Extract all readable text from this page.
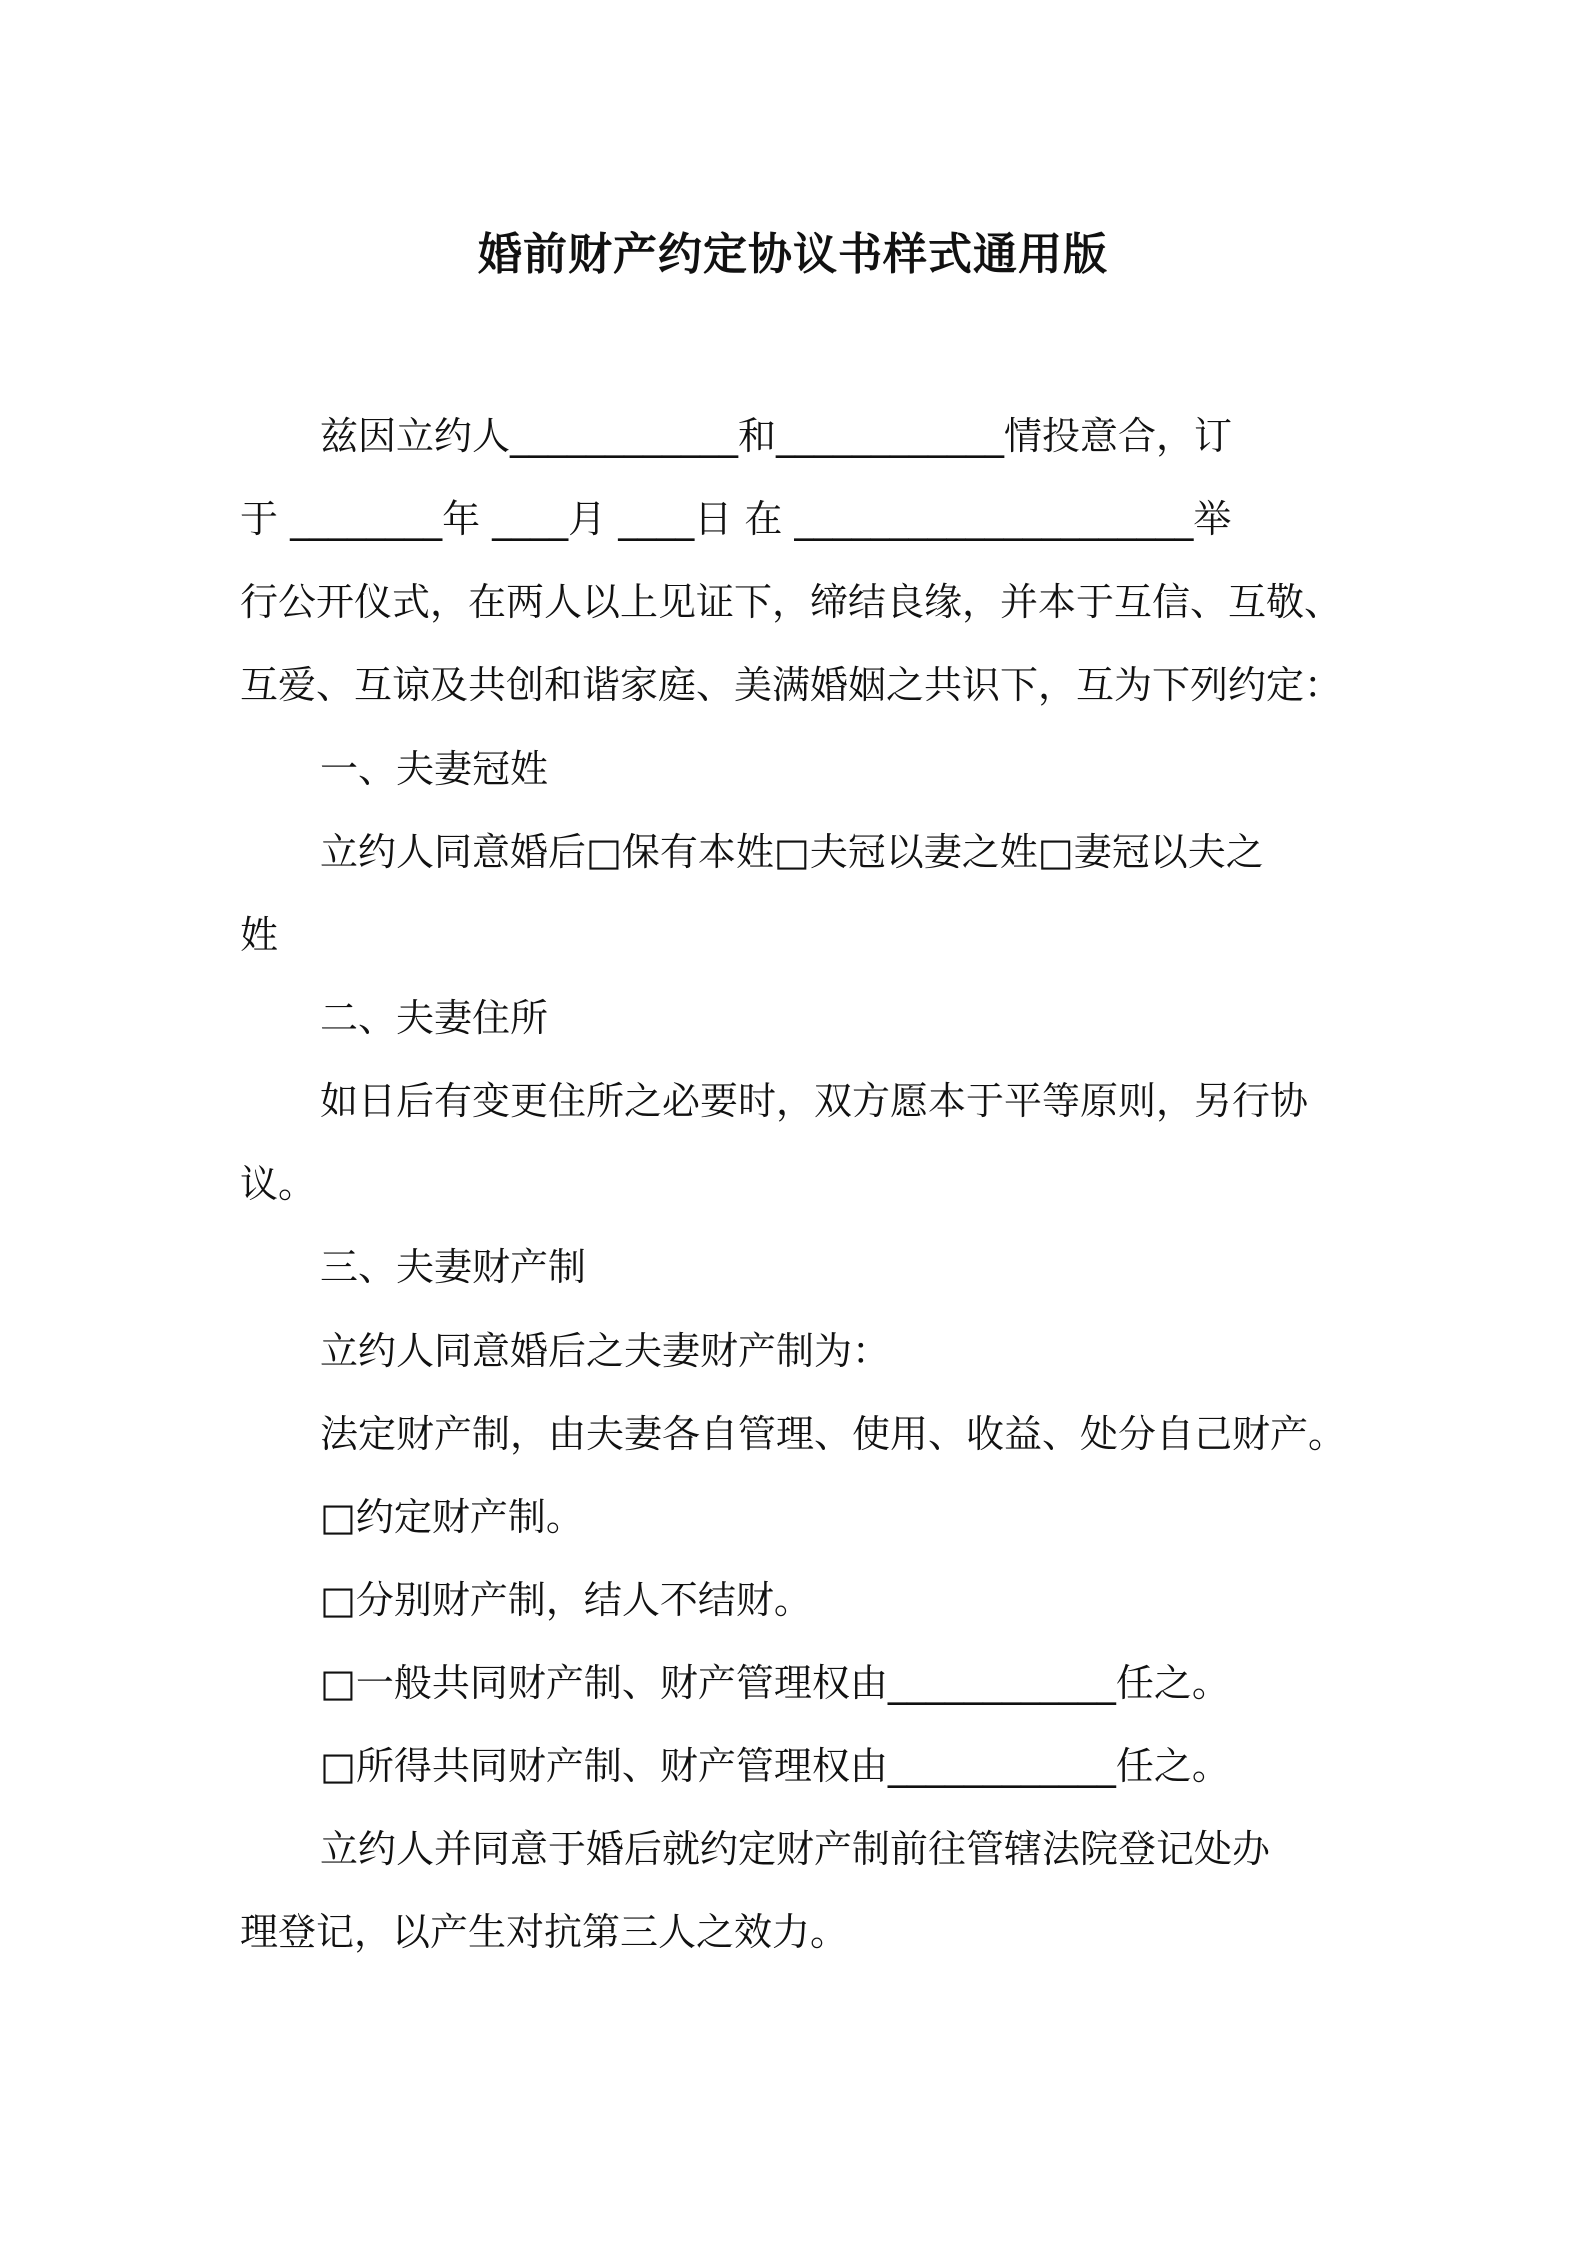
婚前财产约定协议书样式通用版
兹因立约人____________和____________情投意合，订
于 ________年 ____月 ____日 在 _____________________举
行公开仪式，在两人以上见证下，缔结良缘，并本于互信、互敬、
互爱、互谅及共创和谐家庭、美满婚姻之共识下，互为下列约定：
一、夫妻冠姓
立约人同意婚后□保有本姓□夫冠以妻之姓□妻冠以夫之
姓
二、夫妻住所
如日后有变更住所之必要时，双方愿本于平等原则，另行协
议。
三、夫妻财产制
立约人同意婚后之夫妻财产制为：
法定财产制，由夫妻各自管理、使用、收益、处分自己财产。
□约定财产制。
□分别财产制，结人不结财。
□一般共同财产制、财产管理权由____________任之。
□所得共同财产制、财产管理权由____________任之。
立约人并同意于婚后就约定财产制前往管辖法院登记处办
理登记，以产生对抗第三人之效力。
